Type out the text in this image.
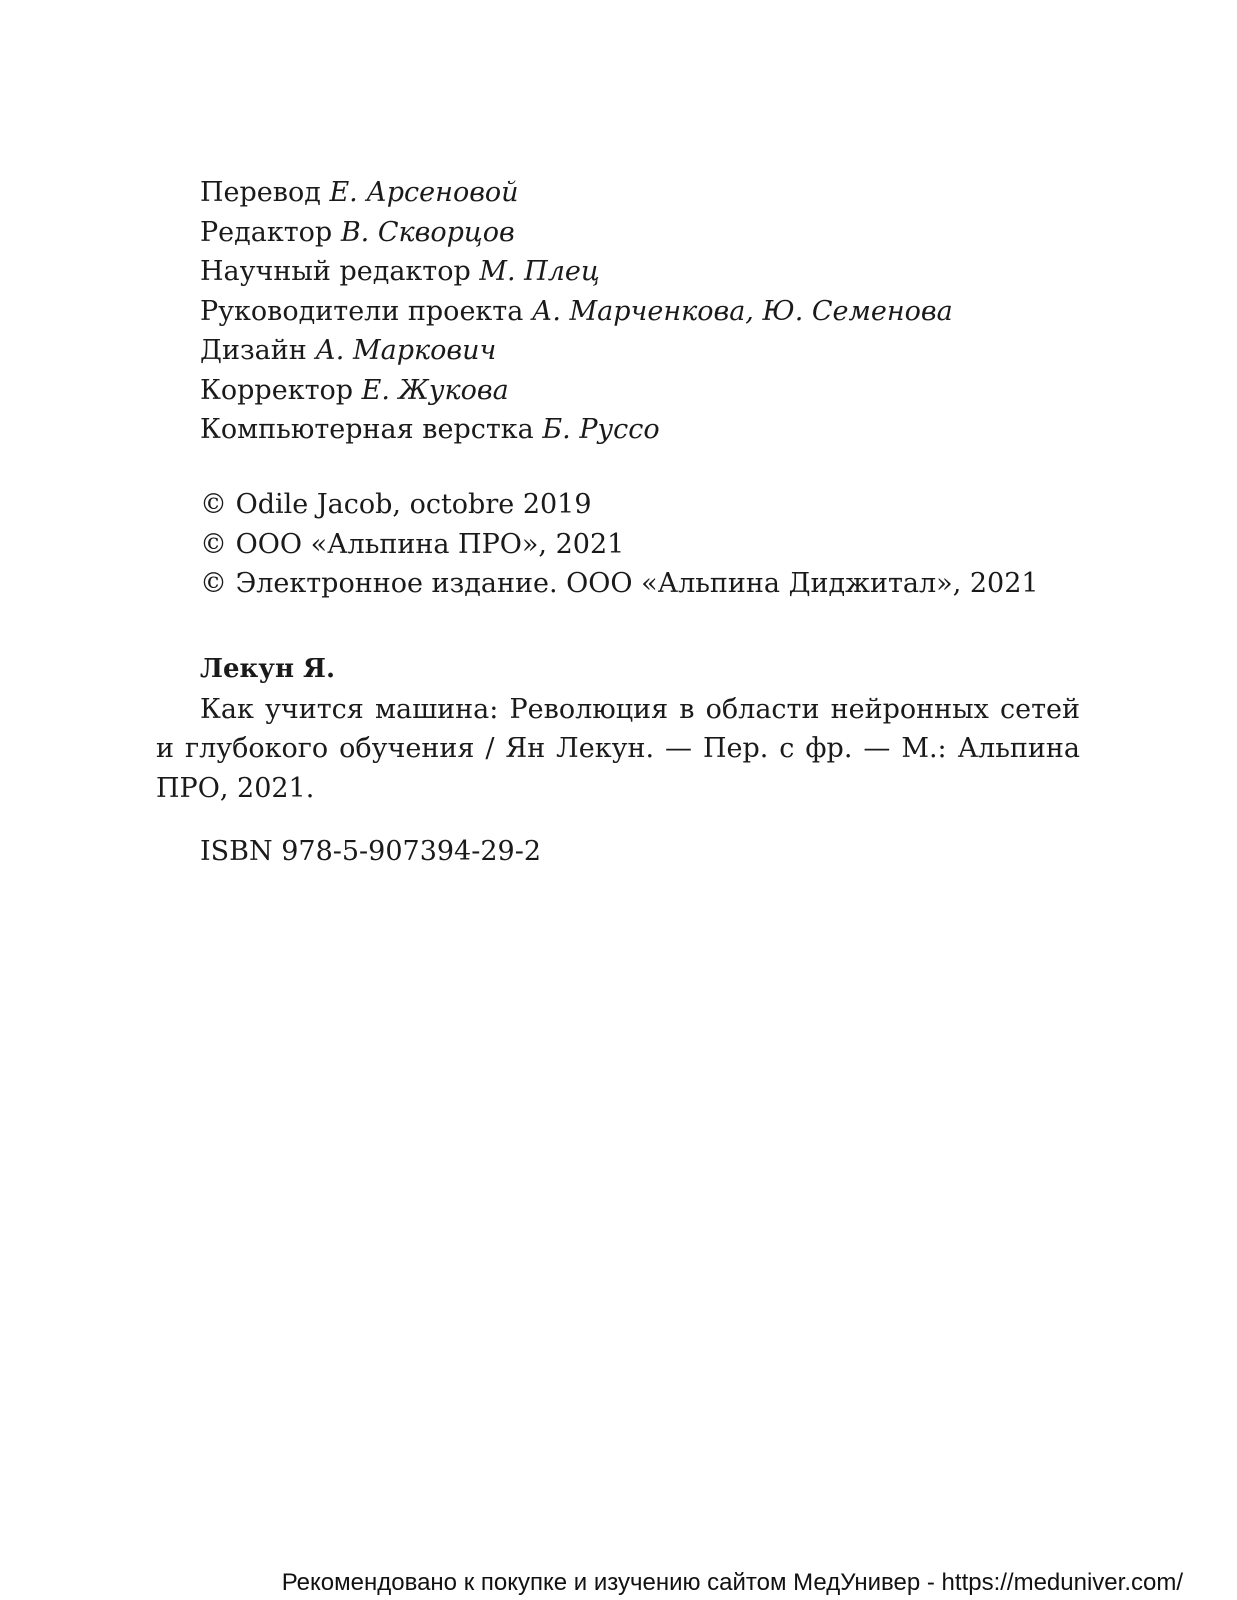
Перевод Е. Арсеновой
Редактор В. Скворцов
Научный редактор М. Плец
Руководители проекта А. Марченкова, Ю. Семенова
Дизайн А. Маркович
Корректор Е. Жукова
Компьютерная верстка Б. Руссо
© Odile Jacob, octobre 2019
© ООО «Альпина ПРО», 2021
© Электронное издание. ООО «Альпина Диджитал», 2021
Лекун Я.

Как учится машина: Революция в области нейронных сетей и глубокого обучения / Ян Лекун. — Пер. с фр. — М.: Альпина ПРО, 2021.

ISBN 978-5-907394-29-2
Рекомендовано к покупке и изучению сайтом МедУнивер - https://meduniver.com/
